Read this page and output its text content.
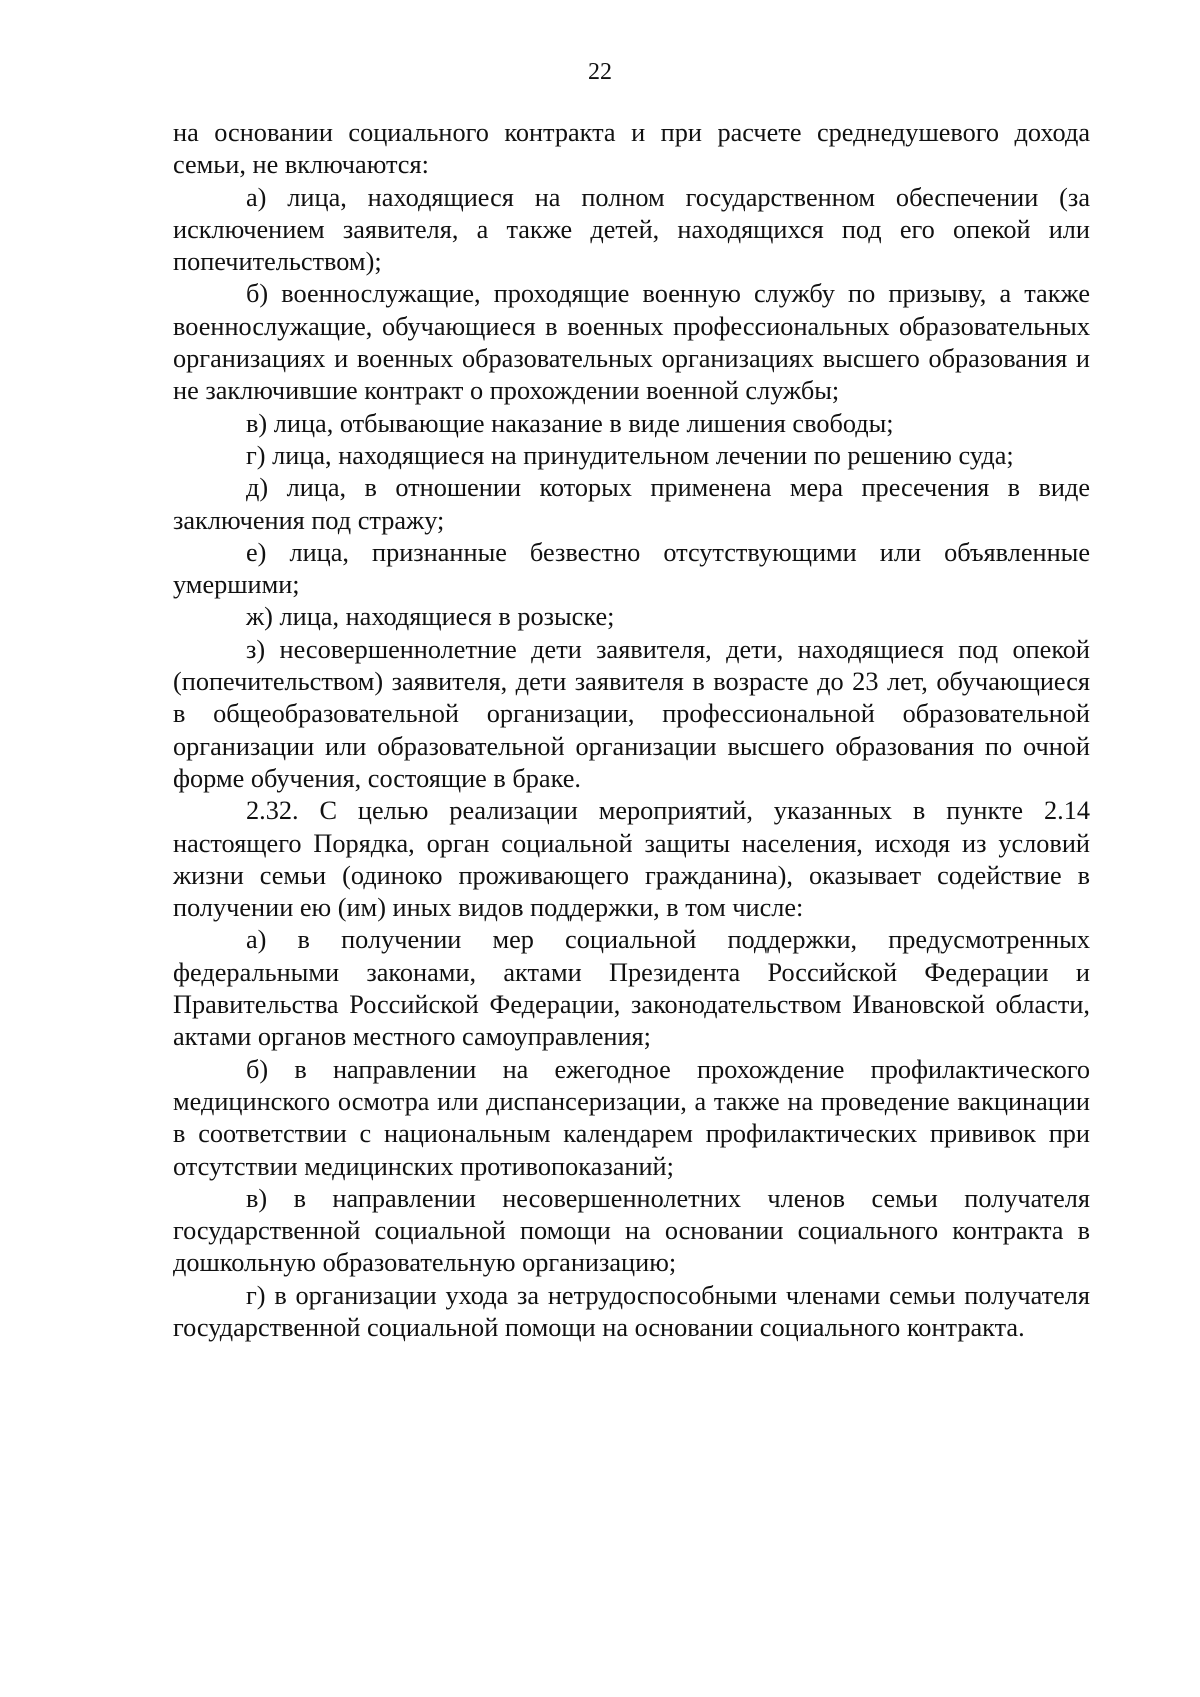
22

на основании социального контракта и при расчете среднедушевого дохода семьи, не включаются:

а) лица, находящиеся на полном государственном обеспечении (за исключением заявителя, а также детей, находящихся под его опекой или попечительством);

б) военнослужащие, проходящие военную службу по призыву, а также военнослужащие, обучающиеся в военных профессиональных образовательных организациях и военных образовательных организациях высшего образования и не заключившие контракт о прохождении военной службы;

в) лица, отбывающие наказание в виде лишения свободы;

г) лица, находящиеся на принудительном лечении по решению суда;

д) лица, в отношении которых применена мера пресечения в виде заключения под стражу;

е) лица, признанные безвестно отсутствующими или объявленные умершими;

ж) лица, находящиеся в розыске;

з) несовершеннолетние дети заявителя, дети, находящиеся под опекой (попечительством) заявителя, дети заявителя в возрасте до 23 лет, обучающиеся в общеобразовательной организации, профессиональной образовательной организации или образовательной организации высшего образования по очной форме обучения, состоящие в браке.

2.32. С целью реализации мероприятий, указанных в пункте 2.14 настоящего Порядка, орган социальной защиты населения, исходя из условий жизни семьи (одиноко проживающего гражданина), оказывает содействие в получении ею (им) иных видов поддержки, в том числе:

а) в получении мер социальной поддержки, предусмотренных федеральными законами, актами Президента Российской Федерации и Правительства Российской Федерации, законодательством Ивановской области, актами органов местного самоуправления;

б) в направлении на ежегодное прохождение профилактического медицинского осмотра или диспансеризации, а также на проведение вакцинации в соответствии с национальным календарем профилактических прививок при отсутствии медицинских противопоказаний;

в) в направлении несовершеннолетних членов семьи получателя государственной социальной помощи на основании социального контракта в дошкольную образовательную организацию;

г) в организации ухода за нетрудоспособными членами семьи получателя государственной социальной помощи на основании социального контракта.
